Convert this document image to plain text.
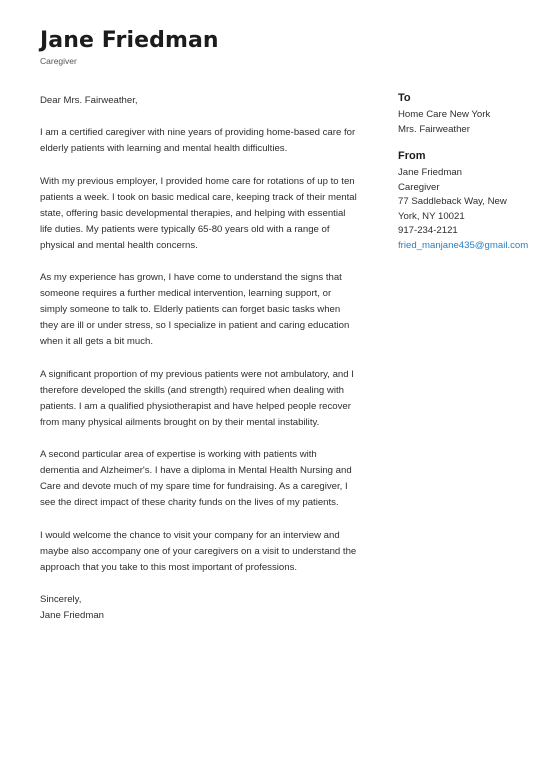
Jane Friedman
Caregiver

Dear Mrs. Fairweather,

I am a certified caregiver with nine years of providing home-based care for elderly patients with learning and mental health difficulties.

With my previous employer, I provided home care for rotations of up to ten patients a week. I took on basic medical care, keeping track of their mental state, offering basic developmental therapies, and helping with essential life duties. My patients were typically 65-80 years old with a range of physical and mental health concerns.

As my experience has grown, I have come to understand the signs that someone requires a further medical intervention, learning support, or simply someone to talk to. Elderly patients can forget basic tasks when they are ill or under stress, so I specialize in patient and caring education when it all gets a bit much.

A significant proportion of my previous patients were not ambulatory, and I therefore developed the skills (and strength) required when dealing with patients. I am a qualified physiotherapist and have helped people recover from many physical ailments brought on by their mental instability.

A second particular area of expertise is working with patients with dementia and Alzheimer's. I have a diploma in Mental Health Nursing and Care and devote much of my spare time for fundraising. As a caregiver, I see the direct impact of these charity funds on the lives of my patients.

I would welcome the chance to visit your company for an interview and maybe also accompany one of your caregivers on a visit to understand the approach that you take to this most important of professions.

Sincerely,
Jane Friedman

To
Home Care New York
Mrs. Fairweather
From
Jane Friedman
Caregiver
77 Saddleback Way, New
York, NY 10021
917-234-2121
fried_manjane435@gmail.com
